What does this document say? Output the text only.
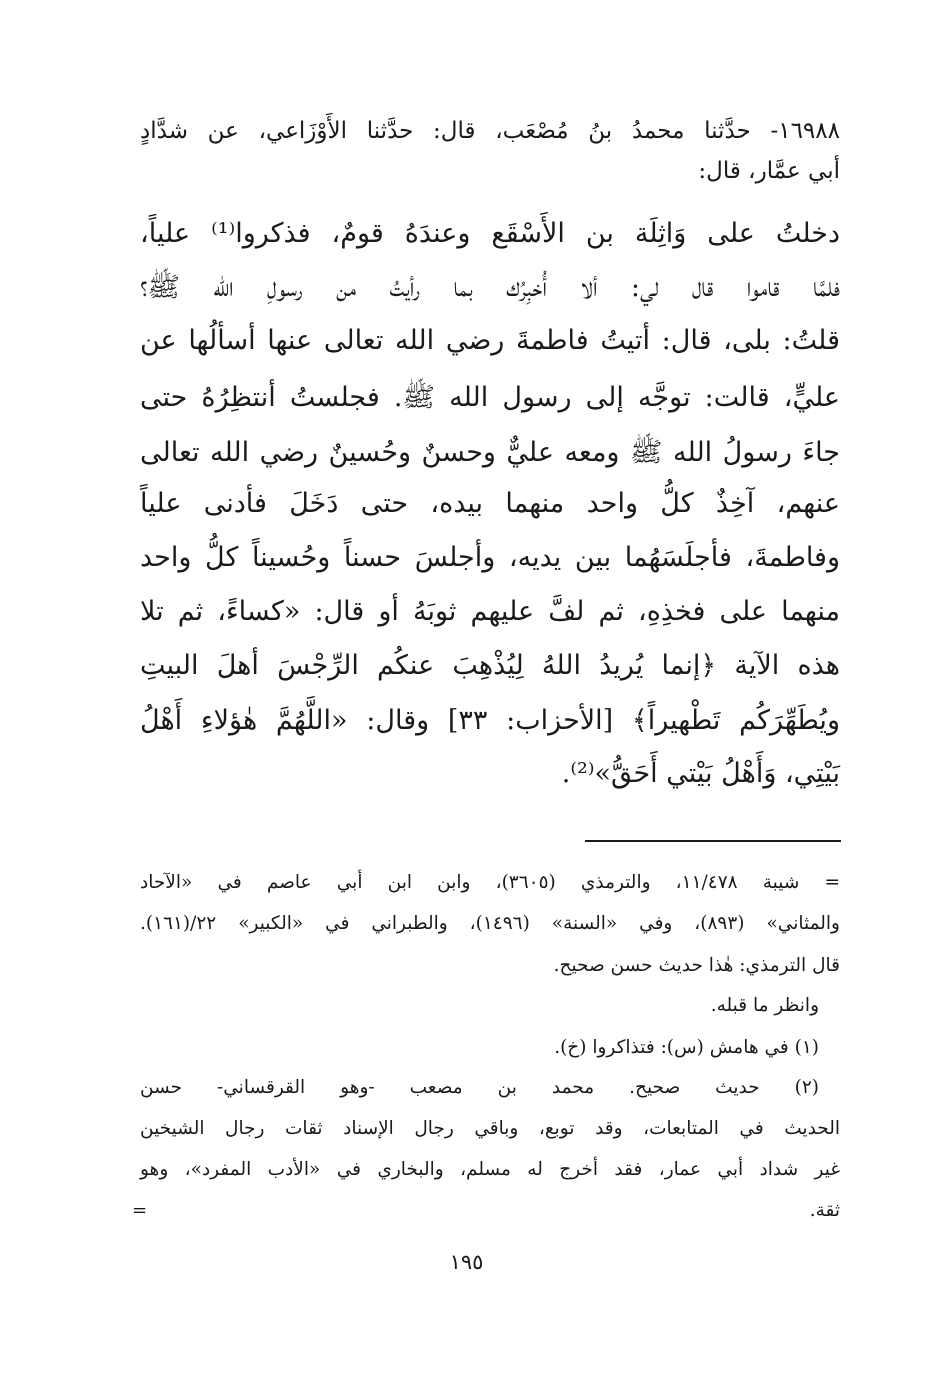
١٦٩٨٨- حدَّثنا محمدُ بنُ مُصْعَب، قال: حدَّثنا الأَوْزَاعي، عن شدَّادٍ
أبي عمَّار، قال:
دخلتُ على وَاثِلَة بن الأَسْقَع وعندَهُ قومٌ، فذكروا⁽¹⁾ علياً،
فلمَّا قاموا قال لي: ألا أُخبِرُك بما رأيتُ من رسولِ الله ﷺ؟
قلتُ: بلى، قال: أتيتُ فاطمةَ رضي الله تعالى عنها أسألُها عن
عليٍّ، قالت: توجَّه إلى رسول الله ﷺ. فجلستُ أنتظِرُهُ حتى
جاءَ رسولُ الله ﷺ ومعه عليٌّ وحسنٌ وحُسينٌ رضي الله تعالى
عنهم، آخِذٌ كلُّ واحد منهما بيده، حتى دَخَلَ فأدنى علياً
وفاطمةَ، فأجلَسَهُما بين يديه، وأجلسَ حسناً وحُسيناً كلُّ واحد
منهما على فخذِهِ، ثم لفَّ عليهم ثوبَهُ أو قال: «كساءً، ثم تلا
هذه الآية ﴿إنما يُريدُ اللهُ لِيُذْهِبَ عنكُم الرِّجْسَ أهلَ البيتِ
ويُطَهِّرَكُم تَطْهيراً﴾ [الأحزاب: ٣٣] وقال: «اللَّهُمَّ هٰؤلاءِ أَهْلُ
بَيْتِي، وَأَهْلُ بَيْتي أَحَقُّ»⁽²⁾.
= شيبة ١١/٤٧٨، والترمذي (٣٦٠٥)، وابن ابن أبي عاصم في «الآحاد
والمثاني» (٨٩٣)، وفي «السنة» (١٤٩٦)، والطبراني في «الكبير» ٢٢/(١٦١).
قال الترمذي: هٰذا حديث حسن صحيح.
وانظر ما قبله.
(١) في هامش (س): فتذاكروا (خ).
(٢) حديث صحيح. محمد بن مصعب -وهو القرقساني- حسن
الحديث في المتابعات، وقد توبع، وباقي رجال الإسناد ثقات رجال الشيخين
غير شداد أبي عمار، فقد أخرج له مسلم، والبخاري في «الأدب المفرد»، وهو
ثقة.
=
١٩٥
